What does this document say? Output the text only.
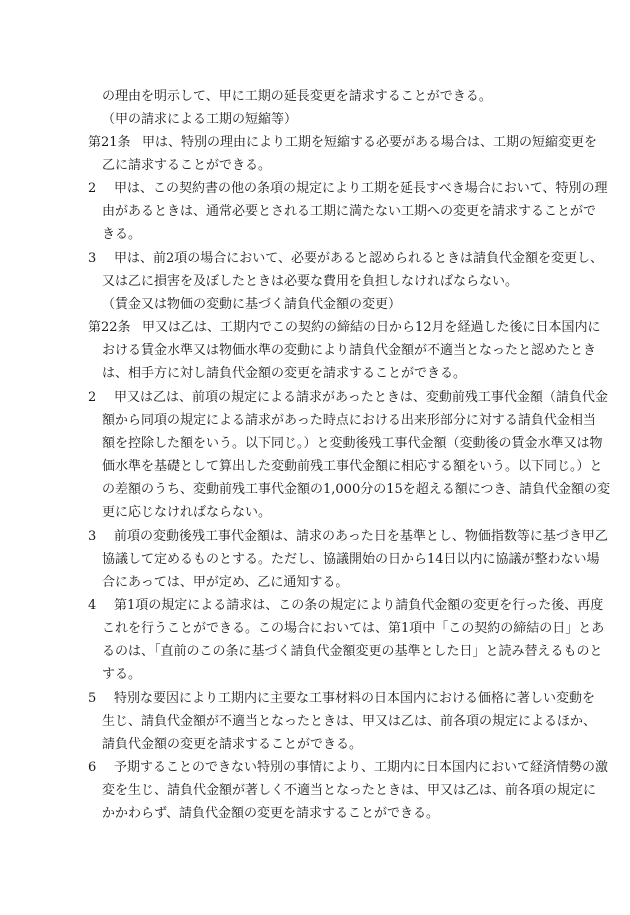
の理由を明示して、甲に工期の延長変更を請求することができる。
（甲の請求による工期の短縮等）
第21条 甲は、特別の理由により工期を短縮する必要がある場合は、工期の短縮変更を
乙に請求することができる。
2 甲は、この契約書の他の条項の規定により工期を延長すべき場合において、特別の理
由があるときは、通常必要とされる工期に満たない工期への変更を請求することがで
きる。
3 甲は、前2項の場合において、必要があると認められるときは請負代金額を変更し、
又は乙に損害を及ぼしたときは必要な費用を負担しなければならない。
（賃金又は物価の変動に基づく請負代金額の変更）
第22条 甲又は乙は、工期内でこの契約の締結の日から12月を経過した後に日本国内に
おける賃金水準又は物価水準の変動により請負代金額が不適当となったと認めたとき
は、相手方に対し請負代金額の変更を請求することができる。
2 甲又は乙は、前項の規定による請求があったときは、変動前残工事代金額（請負代金
額から同項の規定による請求があった時点における出来形部分に対する請負代金相当
額を控除した額をいう。以下同じ。）と変動後残工事代金額（変動後の賃金水準又は物
価水準を基礎として算出した変動前残工事代金額に相応する額をいう。以下同じ。）と
の差額のうち、変動前残工事代金額の1,000分の15を超える額につき、請負代金額の変
更に応じなければならない。
3 前項の変動後残工事代金額は、請求のあった日を基準とし、物価指数等に基づき甲乙
協議して定めるものとする。ただし、協議開始の日から14日以内に協議が整わない場
合にあっては、甲が定め、乙に通知する。
4 第1項の規定による請求は、この条の規定により請負代金額の変更を行った後、再度
これを行うことができる。この場合においては、第1項中「この契約の締結の日」とあ
るのは、「直前のこの条に基づく請負代金額変更の基準とした日」と読み替えるものと
する。
5 特別な要因により工期内に主要な工事材料の日本国内における価格に著しい変動を
生じ、請負代金額が不適当となったときは、甲又は乙は、前各項の規定によるほか、
請負代金額の変更を請求することができる。
6 予期することのできない特別の事情により、工期内に日本国内において経済情勢の激
変を生じ、請負代金額が著しく不適当となったときは、甲又は乙は、前各項の規定に
かかわらず、請負代金額の変更を請求することができる。
